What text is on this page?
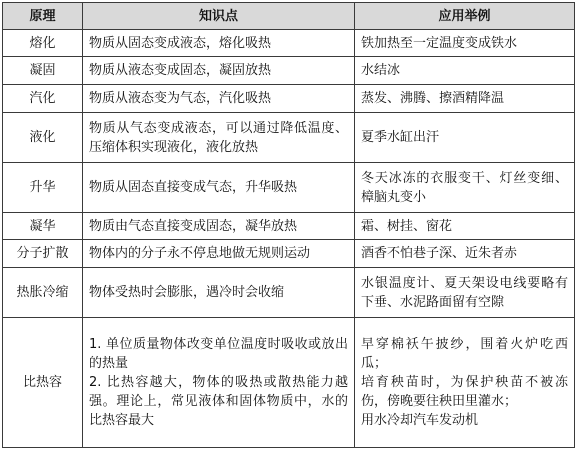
原理	知识点	应用举例
熔化	物质从固态变成液态，熔化吸热	铁加热至一定温度变成铁水
凝固	物质从液态变成固态，凝固放热	水结冰
汽化	物质从液态变为气态，汽化吸热	蒸发、沸腾、擦酒精降温
液化	物质从气态变成液态，可以通过降低温度、压缩体积实现液化，液化放热	夏季水缸出汗
升华	物质从固态直接变成气态，升华吸热	冬天冰冻的衣服变干、灯丝变细、樟脑丸变小

凝华	物质由气态直接变成固态，凝华放热	霜、树挂、窗花
分子扩散	物体内的分子永不停息地做无规则运动	酒香不怕巷子深、近朱者赤
热胀冷缩	物体受热时会膨胀，遇冷时会收缩	水银温度计、夏天架设电线要略有下垂、水泥路面留有空隙

比热容	1. 单位质量物体改变单位温度时吸收或放出的热量
2. 比热容越大，物体的吸热或散热能力越强。理论上，常见液体和固体物质中，水的比热容最大	早穿棉袄午披纱，围着火炉吃西瓜；
培育秧苗时，为保护秧苗不被冻伤，傍晚要往秧田里灌水；
用水冷却汽车发动机
